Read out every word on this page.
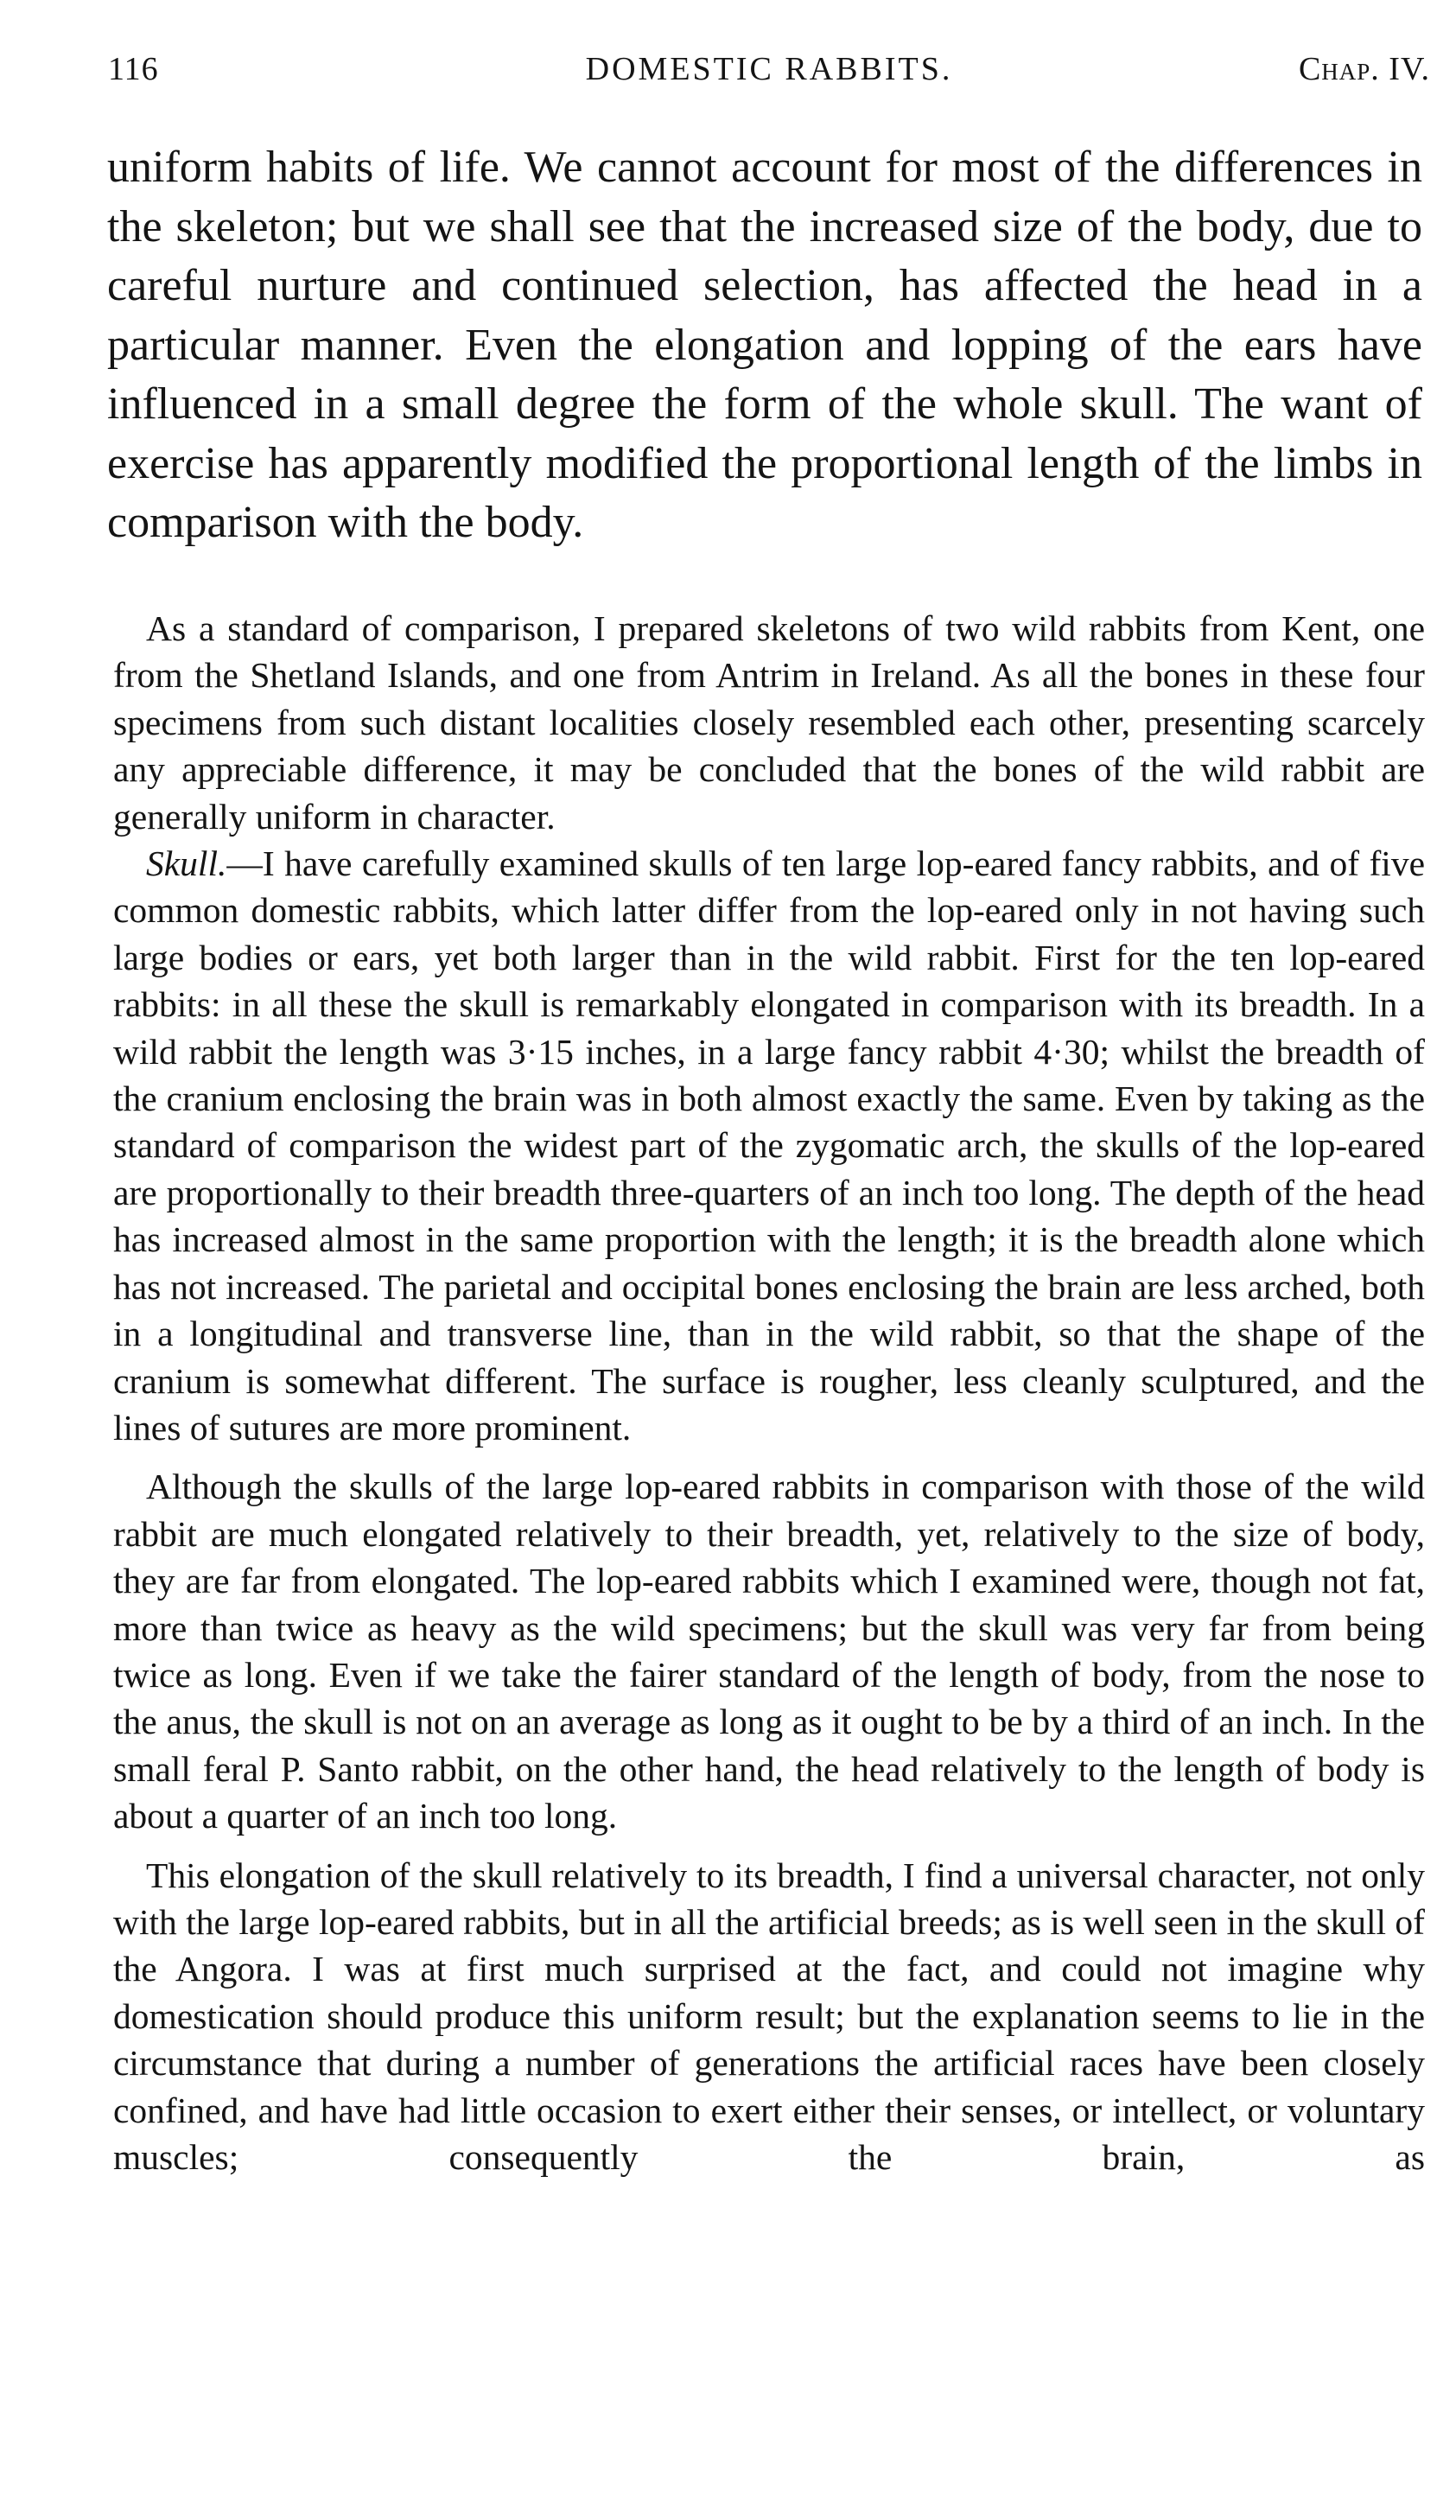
116	DOMESTIC RABBITS.	Chap. IV.

uniform habits of life. We cannot account for most of the differences in the skeleton; but we shall see that the increased size of the body, due to careful nurture and continued selection, has affected the head in a particular manner. Even the elongation and lopping of the ears have influenced in a small degree the form of the whole skull. The want of exercise has apparently modified the proportional length of the limbs in comparison with the body.

As a standard of comparison, I prepared skeletons of two wild rabbits from Kent, one from the Shetland Islands, and one from Antrim in Ireland. As all the bones in these four specimens from such distant localities closely resembled each other, presenting scarcely any appreciable difference, it may be concluded that the bones of the wild rabbit are generally uniform in character.

Skull.—I have carefully examined skulls of ten large lop-eared fancy rabbits, and of five common domestic rabbits, which latter differ from the lop-eared only in not having such large bodies or ears, yet both larger than in the wild rabbit. First for the ten lop-eared rabbits: in all these the skull is remarkably elongated in comparison with its breadth. In a wild rabbit the length was 3·15 inches, in a large fancy rabbit 4·30; whilst the breadth of the cranium enclosing the brain was in both almost exactly the same. Even by taking as the standard of comparison the widest part of the zygomatic arch, the skulls of the lop-eared are proportionally to their breadth three-quarters of an inch too long. The depth of the head has increased almost in the same proportion with the length; it is the breadth alone which has not increased. The parietal and occipital bones enclosing the brain are less arched, both in a longitudinal and transverse line, than in the wild rabbit, so that the shape of the cranium is somewhat different. The surface is rougher, less cleanly sculptured, and the lines of sutures are more prominent.

Although the skulls of the large lop-eared rabbits in comparison with those of the wild rabbit are much elongated relatively to their breadth, yet, relatively to the size of body, they are far from elongated. The lop-eared rabbits which I examined were, though not fat, more than twice as heavy as the wild specimens; but the skull was very far from being twice as long. Even if we take the fairer standard of the length of body, from the nose to the anus, the skull is not on an average as long as it ought to be by a third of an inch. In the small feral P. Santo rabbit, on the other hand, the head relatively to the length of body is about a quarter of an inch too long.

This elongation of the skull relatively to its breadth, I find a universal character, not only with the large lop-eared rabbits, but in all the artificial breeds; as is well seen in the skull of the Angora. I was at first much surprised at the fact, and could not imagine why domestication should produce this uniform result; but the explanation seems to lie in the circumstance that during a number of generations the artificial races have been closely confined, and have had little occasion to exert either their senses, or intellect, or voluntary muscles; consequently the brain, as
